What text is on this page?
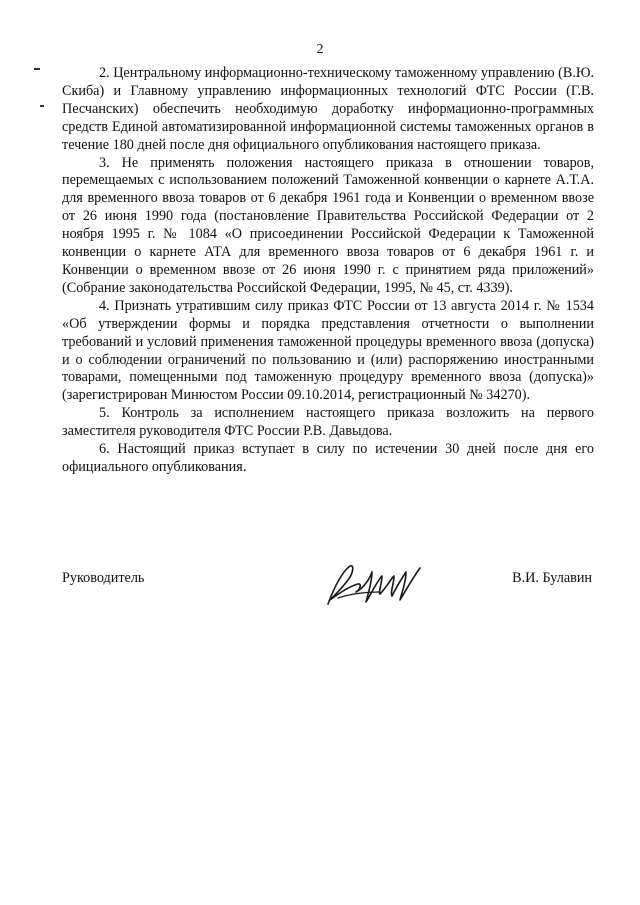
2

2. Центральному информационно-техническому таможенному управлению (В.Ю. Скиба) и Главному управлению информационных технологий ФТС России (Г.В. Песчанских) обеспечить необходимую доработку информационно-программных средств Единой автоматизированной информационной системы таможенных органов в течение 180 дней после дня официального опубликования настоящего приказа.

3. Не применять положения настоящего приказа в отношении товаров, перемещаемых с использованием положений Таможенной конвенции о карнете А.Т.А. для временного ввоза товаров от 6 декабря 1961 года и Конвенции о временном ввозе от 26 июня 1990 года (постановление Правительства Российской Федерации от 2 ноября 1995 г. № 1084 «О присоединении Российской Федерации к Таможенной конвенции о карнете АТА для временного ввоза товаров от 6 декабря 1961 г. и Конвенции о временном ввозе от 26 июня 1990 г. с принятием ряда приложений» (Собрание законодательства Российской Федерации, 1995, № 45, ст. 4339).

4. Признать утратившим силу приказ ФТС России от 13 августа 2014 г. № 1534 «Об утверждении формы и порядка представления отчетности о выполнении требований и условий применения таможенной процедуры временного ввоза (допуска) и о соблюдении ограничений по пользованию и (или) распоряжению иностранными товарами, помещенными под таможенную процедуру временного ввоза (допуска)» (зарегистрирован Минюстом России 09.10.2014, регистрационный № 34270).

5. Контроль за исполнением настоящего приказа возложить на первого заместителя руководителя ФТС России Р.В. Давыдова.

6. Настоящий приказ вступает в силу по истечении 30 дней после дня его официального опубликования.

Руководитель	В.И. Булавин
